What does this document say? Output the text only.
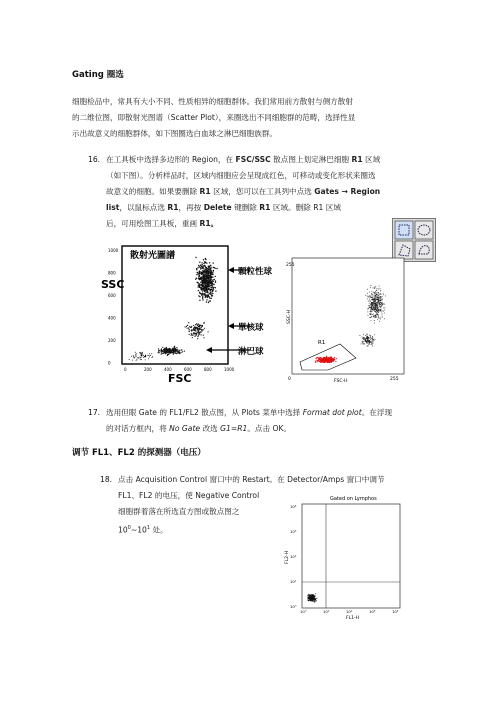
Gating 圈选
细胞检品中，常具有大小不同、性质相异的细胞群体。我们常用前方散射与侧方散射
的二维位图，即散射光图谱（Scatter Plot），来圈选出不同细胞群的范畴，选择性显
示出故意义的细胞群体，如下图圈选白血球之淋巴细胞族群。
16. 在工具板中选择多边形的 Region，在 FSC/SSC 散点图上划定淋巴细胞 R1 区域
（如下图）。分析样品时，区域内细胞应会呈现成红色，可移动或变化形状来圈选
故意义的细胞。如果要删除 R1 区域，您可以在工具列中点选 Gates → Region
list，以鼠标点选 R1，再按 Delete 键删除 R1 区域。删除 R1 区域
后，可用绘图工具板，重画 R1。
散射光圖譜
SSC
FSC
1000
800
600
400
200
0
0	200	400	600	800	1000
顆粒性球
單核球
淋巴球
255
0	255
FSC-H
SSC-H
R1
17. 选用但眼 Gate 的 FL1/FL2 散点图，从 Plots 菜单中选择 Format dot plot。在浮现
的对话方框内，将 No Gate 改选 G1=R1。点击 OK。
调节 FL1、FL2 的探测器（电压）
18. 点击 Acquisition Control 窗口中的 Restart。在 Detector/Amps 窗口中调节
FL1、FL2 的电压，使 Negative Control
细胞群着落在所选直方图或散点图之
$10^0\sim 10^1$ 处。
Gated on Lymphos
10⁴
10³
10²
10¹
10⁰
10⁰	10¹	10²	10³	10⁴
FL1-H
FL2-H
